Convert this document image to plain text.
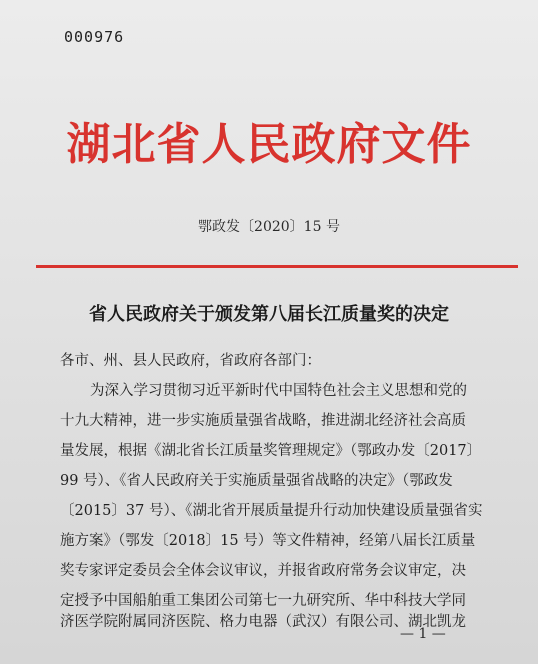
000976
湖北省人民政府文件
鄂政发〔2020〕15 号
省人民政府关于颁发第八届长江质量奖的决定
各市、州、县人民政府，省政府各部门：
为深入学习贯彻习近平新时代中国特色社会主义思想和党的
十九大精神，进一步实施质量强省战略，推进湖北经济社会高质
量发展，根据《湖北省长江质量奖管理规定》（鄂政办发〔2017〕
99 号）、《省人民政府关于实施质量强省战略的决定》（鄂政发
〔2015〕37 号）、《湖北省开展质量提升行动加快建设质量强省实
施方案》（鄂发〔2018〕15 号）等文件精神，经第八届长江质量
奖专家评定委员会全体会议审议，并报省政府常务会议审定，决
定授予中国船舶重工集团公司第七一九研究所、华中科技大学同
济医学院附属同济医院、格力电器（武汉）有限公司、湖北凯龙
— 1 —
